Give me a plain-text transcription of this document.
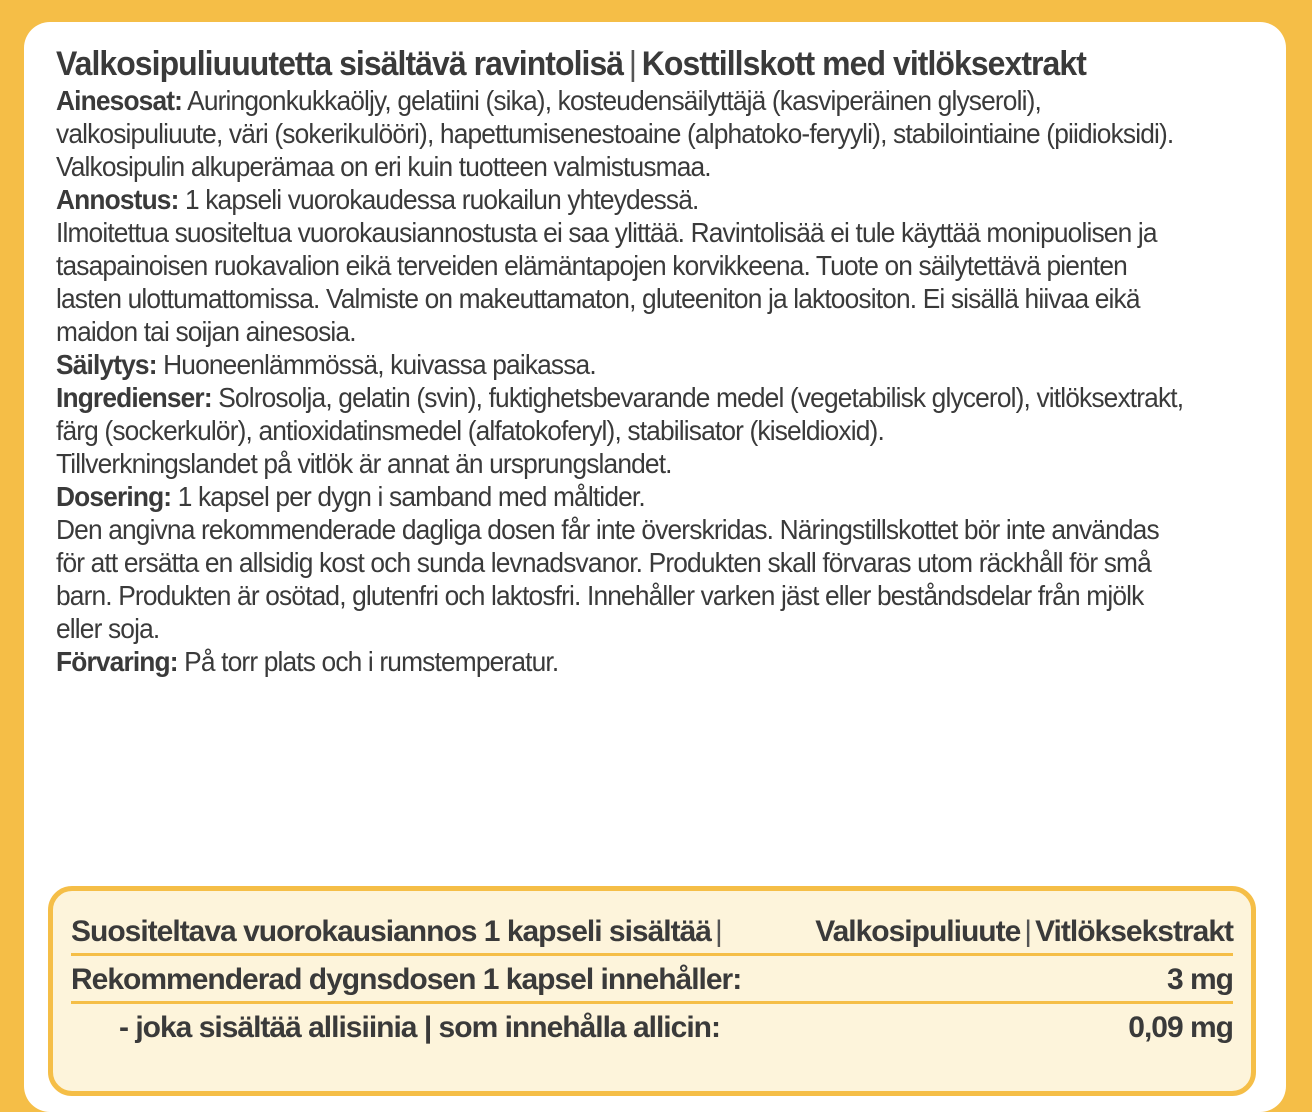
Valkosipuliuuutetta sisältävä ravintolisä | Kosttillskott med vitlöksextrakt

Ainesosat: Auringonkukkaöljy, gelatiini (sika), kosteudensäilyttäjä (kasviperäinen glyseroli), valkosipuliuute, väri (sokerikulööri), hapettumisenestoaine (alphatoko-feryyli), stabilointiaine (piidioksidi).

Valkosipulin alkuperämaa on eri kuin tuotteen valmistusmaa.

Annostus: 1 kapseli vuorokaudessa ruokailun yhteydessä.

Ilmoitettua suositeltua vuorokausiannostusta ei saa ylittää. Ravintolisää ei tule käyttää monipuolisen ja tasapainoisen ruokavalion eikä terveiden elämäntapojen korvikkeena. Tuote on säilytettävä pienten lasten ulottumattomissa. Valmiste on makeuttamaton, gluteeniton ja laktoositon. Ei sisällä hiivaa eikä maidon tai soijan ainesosia.

Säilytys: Huoneenlämmössä, kuivassa paikassa.

Ingredienser: Solrosolja, gelatin (svin), fuktighetsbevarande medel (vegetabilisk glycerol), vitlöksextrakt, färg (sockerkulör), antioxidatinsmedel (alfatokoferyl), stabilisator (kiseldioxid).

Tillverkningslandet på vitlök är annat än ursprungslandet.

Dosering: 1 kapsel per dygn i samband med måltider.

Den angivna rekommenderade dagliga dosen får inte överskridas. Näringstillskottet bör inte användas för att ersätta en allsidig kost och sunda levnadsvanor. Produkten skall förvaras utom räckhåll för små barn. Produkten är osötad, glutenfri och laktosfri. Innehåller varken jäst eller beståndsdelar från mjölk eller soja.

Förvaring: På torr plats och i rumstemperatur.

Suositeltava vuorokausiannos 1 kapseli sisältää |	Valkosipuliuute | Vitlöksekstrakt
Rekommenderad dygnsdosen 1 kapsel innehåller:	3 mg
- joka sisältää allisiinia | som innehålla allicin:	0,09 mg
